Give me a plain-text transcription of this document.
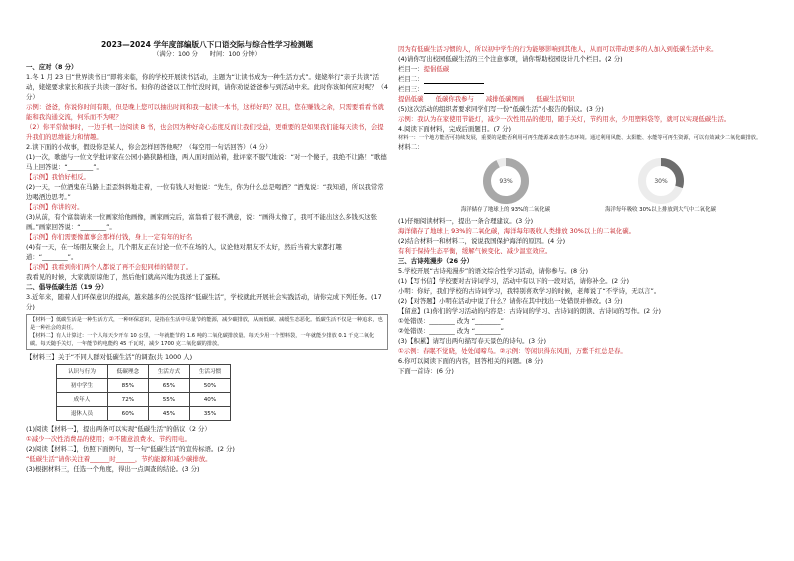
2023—2024 学年度部编版八下口语交际与综合性学习检测题

（满分：100 分      时间：100 分钟）

一、应对（8 分）

1.冬 1 月 23 日“世界读书日”即将来临，你的学校开展读书活动，主题为“让读书成为一种生活方式”。姥姥举行“亲子共读”活动，姥姥要求家长和孩子共读一部好书。但你的爸爸以工作忙没时间，请你劝说爸爸参与到活动中来。此时你该如何应对呢？（4 分）

示例：爸爸，你说你时间有限，但是晚上您可以抽出时间和我一起读一本书，这样好吗？况且，您在赚钱之余，只需要看看书就能和我沟通交流，何乐而不为呢？

（2）你平常做事时，一边手机一边阅读 B 书，也会因为种好奇心态度反而让我们受益，更重要的是如果我们能每天读书，会提升我们的思维能力和情趣。

2.读下面的小故事，假设你是某人，你会怎样回答他呢？（每空用一句话回答）（4 分）

(1)一次，歌德与一位文学批评家在公园小路狭路相逢，两人面对面站着，批评家不服气地说：“对一个傻子，我绝不让路！”歌德马上回答说：“________”。

【示例】我恰好相反。

(2)一天，一位酒鬼在马路上歪歪斜斜地走着，一位有钱人对他说：“先生，你为什么总是喝酒？”酒鬼说：“我知道，所以我常常边喝酒边思考。”

【示例】你讲的对。

(3)从前，有个富翁请来一位画家给他画像，画家画完后，富翁看了很不满意，说：“画得太像了，我可不能出这么多钱买这张画。”画家回答说：“________”。

【示例】你们需要像董事会那样付钱，身上一定有年的好名

(4)有一天，在一场朋友聚会上，几个朋友正在讨论一位不在场的人，议论他对朋友不太好，然后当着大家都打趣道：“________”。

【示例】我看到你们两个人都说了再不会犯同样的错误了。

我看见的时候，大家就原谅他了，然后他们就高兴地为我送上了蛋糕。

二、倡导低碳生活（19 分）

3.近年来，随着人们环保意识的提高，越来越多的公民选择“低碳生活”，学校就此开展社会实践活动，请你完成下列任务。(17 分)

【材料一】低碳生活是一种生活方式，一种环保意识，是指在生活中尽量节约能源，减少碳排放，从而低碳、减缓生态恶化。低碳生活不仅是一种追求，也是一种社会的责任。

【材料二】有人计算过：一个人每天少开车 10 公里，一年就能节约 1.6 吨的二氧化碳排放量。每天少用一个塑料袋，一年就能少排放 0.1 千克二氧化碳。每天随手关灯，一年能节约电能约 45 千瓦时，减少 1700 克二氧化碳的排放。

【材料三】关于“不同人群对低碳生活”的调查(共 1000 人)

认识与行为	低碳理念	生活方式	生活习惯
初中学生	85%	65%	50%
成年人	72%	55%	40%
退休人员	60%	45%	35%

(1)阅读【材料一】，提出两条可以实现“低碳生活”的倡议（2 分）

①减少一次性消费品的使用；②不随意浪费水、节约用电。

(2)阅读【材料二】，仿照下面例句，写一句“低碳生活”的宣传标语。(2 分)

“低碳生活”请你关注着______时______，节约能源和减少碳排放。

(3)根据材料三，任选一个角度，得出一点调查的结论。(3 分)

因为有低碳生活习惯的人，所以初中学生的行为能够影响到其他人，从而可以带动更多的人加入到低碳生活中来。

(4)请你写出校园低碳生活的三个注意事项，请你帮助校园设计几个栏目。(2 分)

栏目一：提倡低碳

栏目二：

栏目三：

提倡低碳 低碳你我参与 减排低碳图画 低碳生活知识

(5)这次活动的组织者要求同学们写一份“低碳生活”小报告的倡议。(3 分)

示例：我认为在家使用节能灯，减少一次性用品的使用，随手关灯，节约用水，少用塑料袋等，就可以实现低碳生活。

4.阅读下面材料，完成后面题目。(7 分)

材料一：一个地方能否可持续发展，重要的是能否利用可再生能源来改善生态环境。通过利用风能、太阳能、水能等可再生资源，可以有效减少二氧化碳排放。

材料二：

93%
海洋储存了地球上的 93%的二氧化碳
30%
海洋每年吸收 30%以上排放到大气中二氧化碳

(1)仔细阅读材料一，提出一条合理建议。(3 分)

海洋储存了地球上 93%的二氧化碳，海洋每年吸收人类排放 30%以上的二氧化碳。

(2)结合材料一和材料二，说说我国保护海洋的原因。(4 分)

有利于保持生态平衡，缓解气候变化、减少温室效应。

三、古诗苑漫步（26 分）

5.学校开展“古诗苑漫步”的语文综合性学习活动，请你参与。(8 分)

(1)【写书信】学校要对古诗词学习，活动中有以下的一段对话，请你补全。(2 分)

小明：你好，我们学校的古诗词学习，我特别喜欢学习的时候，老师说了“不学诗，无以言”。

(2)【对答题】小明在活动中说了什么？请你在其中找出一处错误并修改。(3 分)

【留意】(1)你们的学习活动的内容是：古诗词的学习、古诗词的朗读、古诗词的写作。(2 分)

①处错误：________ 改为 “________”

②处错误：________ 改为 “________”

(3)【积累】请写出两句描写春天景色的诗句。(3 分)

①示例：春眠不觉晓，处处闻啼鸟。②示例：等闲识得东风面，万紫千红总是春。

6.你可以阅读下面的内容，回答相关的问题。(8 分)

下面一首诗：(6 分)
